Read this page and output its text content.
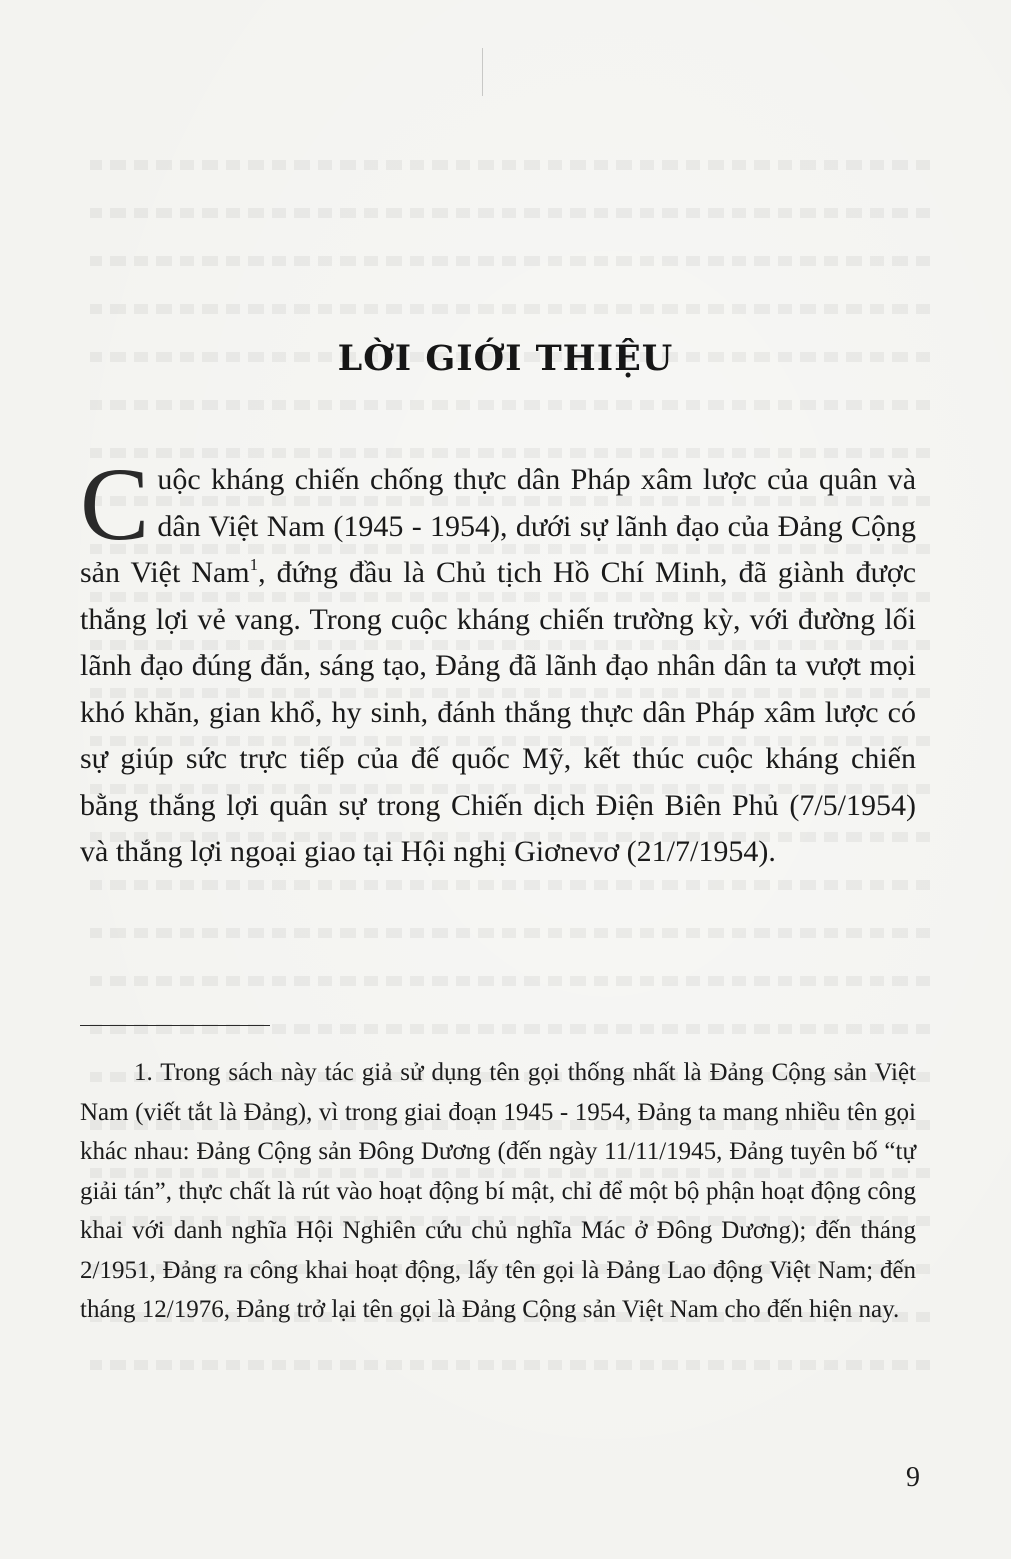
LỜI GIỚI THIỆU

Cuộc kháng chiến chống thực dân Pháp xâm lược của quân và dân Việt Nam (1945 - 1954), dưới sự lãnh đạo của Đảng Cộng sản Việt Nam$^1$, đứng đầu là Chủ tịch Hồ Chí Minh, đã giành được thắng lợi vẻ vang. Trong cuộc kháng chiến trường kỳ, với đường lối lãnh đạo đúng đắn, sáng tạo, Đảng đã lãnh đạo nhân dân ta vượt mọi khó khăn, gian khổ, hy sinh, đánh thắng thực dân Pháp xâm lược có sự giúp sức trực tiếp của đế quốc Mỹ, kết thúc cuộc kháng chiến bằng thắng lợi quân sự trong Chiến dịch Điện Biên Phủ (7/5/1954) và thắng lợi ngoại giao tại Hội nghị Giơnevơ (21/7/1954).

1. Trong sách này tác giả sử dụng tên gọi thống nhất là Đảng Cộng sản Việt Nam (viết tắt là Đảng), vì trong giai đoạn 1945 - 1954, Đảng ta mang nhiều tên gọi khác nhau: Đảng Cộng sản Đông Dương (đến ngày 11/11/1945, Đảng tuyên bố “tự giải tán”, thực chất là rút vào hoạt động bí mật, chỉ để một bộ phận hoạt động công khai với danh nghĩa Hội Nghiên cứu chủ nghĩa Mác ở Đông Dương); đến tháng 2/1951, Đảng ra công khai hoạt động, lấy tên gọi là Đảng Lao động Việt Nam; đến tháng 12/1976, Đảng trở lại tên gọi là Đảng Cộng sản Việt Nam cho đến hiện nay.

9
